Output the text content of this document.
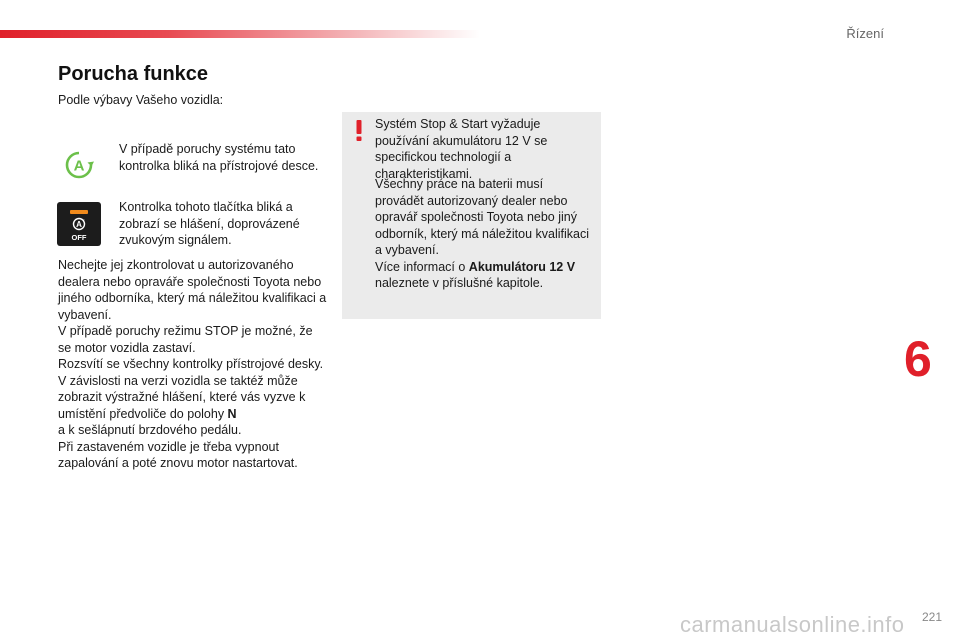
Řízení
Porucha funkce
Podle výbavy Vašeho vozidla:
A
V případě poruchy systému tato kontrolka bliká na přístrojové desce.
A
OFF
Kontrolka tohoto tlačítka bliká a zobrazí se hlášení, doprovázené zvukovým signálem.
Nechejte jej zkontrolovat u autorizovaného dealera nebo opraváře společnosti Toyota nebo jiného odborníka, který má náležitou kvalifikaci a vybavení.
V případě poruchy režimu STOP je možné, že se motor vozidla zastaví.
Rozsvítí se všechny kontrolky přístrojové desky.
V závislosti na verzi vozidla se taktéž může zobrazit výstražné hlášení, které vás vyzve k umístění předvoliče do polohy N
a k sešlápnutí brzdového pedálu.
Při zastaveném vozidle je třeba vypnout zapalování a poté znovu motor nastartovat.
Systém Stop & Start vyžaduje používání akumulátoru 12 V se specifickou technologií a charakteristikami.
Všechny práce na baterii musí provádět autorizovaný dealer nebo opravář společnosti Toyota nebo jiný odborník, který má náležitou kvalifikaci a vybavení.
Více informací o Akumulátoru 12 V
naleznete v příslušné kapitole.
6
221
carmanualsonline.info
